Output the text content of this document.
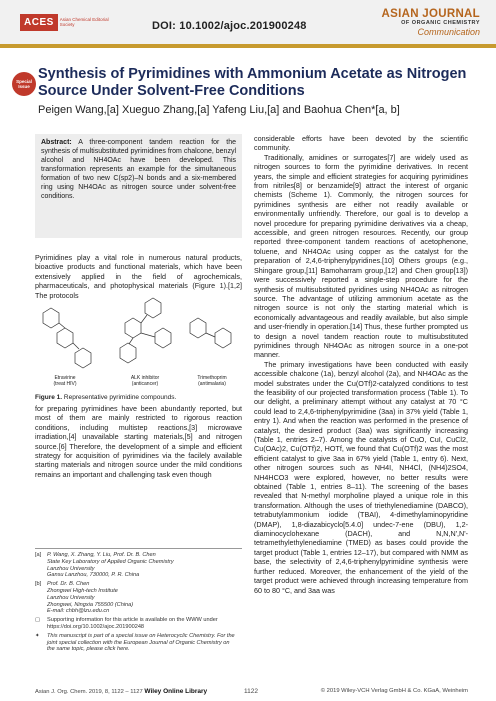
ACES	Asian Chemical Editorial Society	DOI: 10.1002/ajoc.201900248
ASIAN JOURNAL
OF ORGANIC CHEMISTRY
Communication
Special
Issue
Synthesis of Pyrimidines with Ammonium Acetate as Nitrogen Source Under Solvent-Free Conditions
Peigen Wang,[a] Xueguo Zhang,[a] Yafeng Liu,[a] and Baohua Chen*[a, b]
Abstract: A three-component tandem reaction for the synthesis of multisubstituted pyrimidines from chalcone, benzyl alcohol and NH4OAc have been developed. This transformation represents an example for the simultaneous formation of two new C(sp2)–N bonds and a six-membered ring using NH4OAc as nitrogen source under solvent-free conditions.

Pyrimidines play a vital role in numerous natural products, bioactive products and functional materials, which have been extensively applied in the field of agrochemicals, pharmaceuticals, and photophysical materials (Figure 1).[1,2] The protocols

Etravirine
(treat HIV)
ALK inhibitor
(anticancer)
Trimethoprim
(antimalaria)
Figure 1. Representative pyrimidine compounds.

for preparing pyrimidines have been abundantly reported, but most of them are mainly restricted to rigorous reaction conditions, including multistep reactions,[3] microwave irradiation,[4] unavailable starting materials,[5] and nitrogen source.[6] Therefore, the development of a simple and efficient strategy for acquisition of pyrimidines via the facilely available starting materials and nitrogen source under the mild conditions remains an important and challenging task even though

considerable efforts have been devoted by the scientific community.

Traditionally, amidines or surrogates[7] are widely used as nitrogen sources to form the pyrimidine derivatives. In recent years, the simple and efficient strategies for acquiring pyrimidines from nitriles[8] or benzamide[9] attract the interest of organic chemists (Scheme 1). Commonly, the nitrogen sources for pyrimidines synthesis are either not readily available or environmentally unfriendly. Therefore, our goal is to develop a novel procedure for preparing pyrimidine derivatives via a cheap, accessible, and green nitrogen resources. Recently, our group reported three-component tandem reactions of acetophenone, toluene, and NH4OAc using copper as the catalyst for the preparation of 2,4,6-triphenylpyridines.[10] Others groups (e.g., Shingare group,[11] Bamoharram group,[12] and Chen group[13]) were successively reported a single-step procedure for the synthesis of multisubstituted pyridines using NH4OAc as nitrogen source. The advantage of utilizing ammonium acetate as the nitrogen source is not only the starting material which is economically advantageous and readily available, but also simple and user-friendly in operation.[14] Thus, these further prompted us to design a novel tandem reaction route to multisubstituted pyrimidines through NH4OAc as nitrogen source in a one-pot manner.

The primary investigations have been conducted with easily accessible chalcone (1a), benzyl alcohol (2a), and NH4OAc as the model substrates under the Cu(OTf)2-catalyzed conditions to test the feasibility of our projected transformation process (Table 1). To our delight, a preliminary attempt without any catalyst at 70 °C could lead to 2,4,6-triphenylpyrimidine (3aa) in 37% yield (Table 1, entry 1). And when the reaction was performed in the presence of catalyst, the desired product (3aa) was significantly increasing (Table 1, entries 2–7). Among the catalysts of CuO, CuI, CuCl2, Cu(OAc)2, Cu(OTf)2, HOTf, we found that Cu(OTf)2 was the most efficient catalyst to give 3aa in 67% yield (Table 1, entry 6). Next, other nitrogen sources such as NH4I, NH4Cl, (NH4)2SO4, NH4HCO3 were explored, however, no better results were obtained (Table 1, entries 8–11). The screening of the bases revealed that N-methyl morpholine played a unique role in this transformation. Although the uses of triethylenediamine (DABCO), tetrabutylammonium iodide (TBAI), 4-dimethylaminopyridine (DMAP), 1,8-diazabicyclo[5.4.0] undec-7-ene (DBU), 1,2- diaminocyclohexane (DACH), and N,N,N',N'- tetramethylethylenediamine (TMED) as bases could provide the target product (Table 1, entries 12–17), but compared with NMM as base, the selectivity of 2,4,6-triphenylpyrimidine synthesis were further reduced. Moreover, the enhancement of the yield of the target product were achieved through increasing temperature from 60 to 80 °C, and 3aa was

[a]	P. Wang, X. Zhang, Y. Liu, Prof. Dr. B. Chen
State Key Laboratory of Applied Organic Chemistry
Lanzhou University
Gansu Lanzhou, 730000, P. R. China
[b]	Prof. Dr. B. Chen
Zhongwei High-tech Institute
Lanzhou University
Zhongwei, Ningxia 755500 (China)
E-mail: chbh@lzu.edu.cn
▢	Supporting information for this article is available on the WWW under
https://doi.org/10.1002/ajoc.201900248
✦	This manuscript is part of a special issue on Heterocyclic Chemistry. For the
joint special collection with the European Journal of Organic Chemistry on
the same topic, please click here.
Asian J. Org. Chem. 2019, 8, 1122 – 1127 Wiley Online Library	1122	© 2019 Wiley-VCH Verlag GmbH & Co. KGaA, Weinheim
